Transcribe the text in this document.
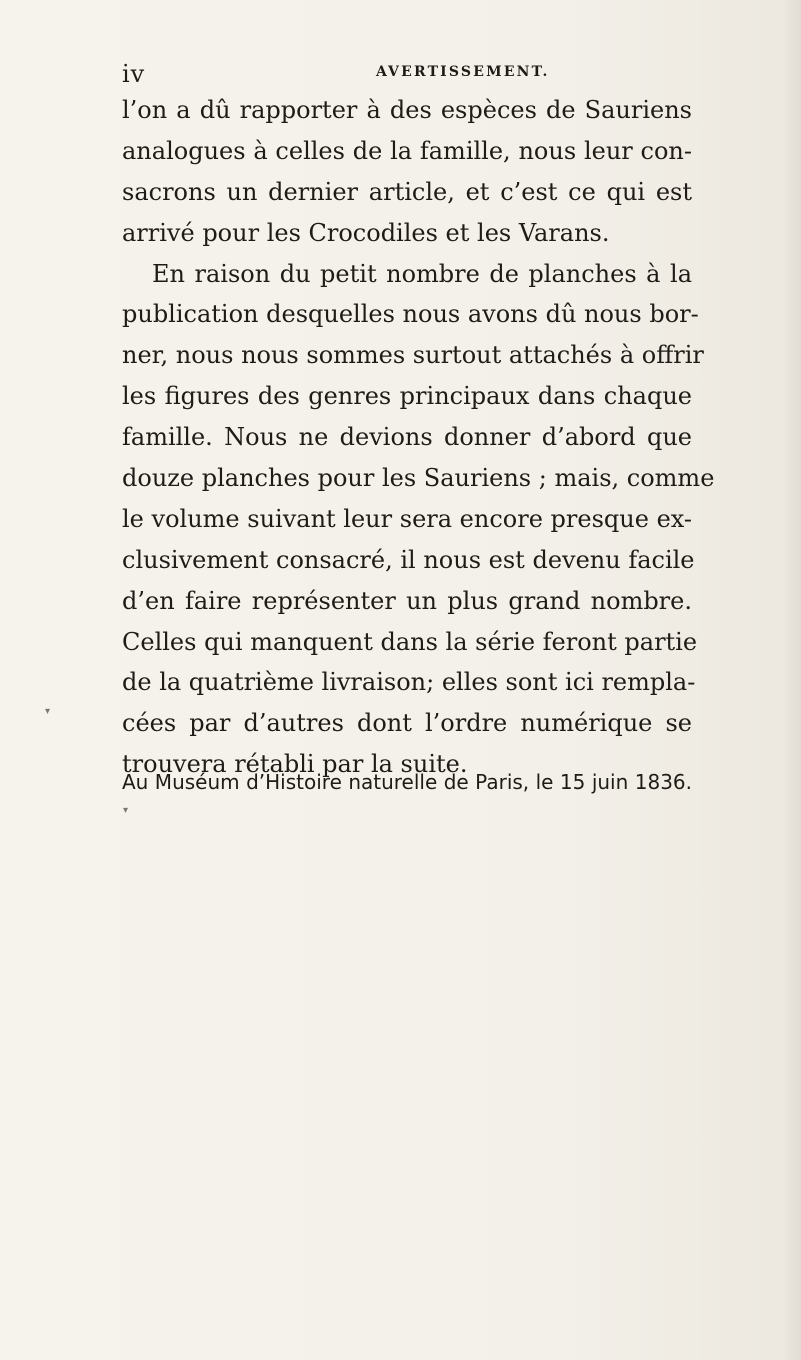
iv	AVERTISSEMENT.
l’on a dû rapporter à des espèces de Sauriens
analogues à celles de la famille, nous leur con-
sacrons un dernier article, et c’est ce qui est
arrivé pour les Crocodiles et les Varans.
En raison du petit nombre de planches à la
publication desquelles nous avons dû nous bor-
ner, nous nous sommes surtout attachés à offrir
les figures des genres principaux dans chaque
famille. Nous ne devions donner d’abord que
douze planches pour les Sauriens ; mais, comme
le volume suivant leur sera encore presque ex-
clusivement consacré, il nous est devenu facile
d’en faire représenter un plus grand nombre.
Celles qui manquent dans la série feront partie
de la quatrième livraison; elles sont ici rempla-
cées par d’autres dont l’ordre numérique se
trouvera rétabli par la suite.
Au Muséum d’Histoire naturelle de Paris, le 15 juin 1836.
▾
▾
